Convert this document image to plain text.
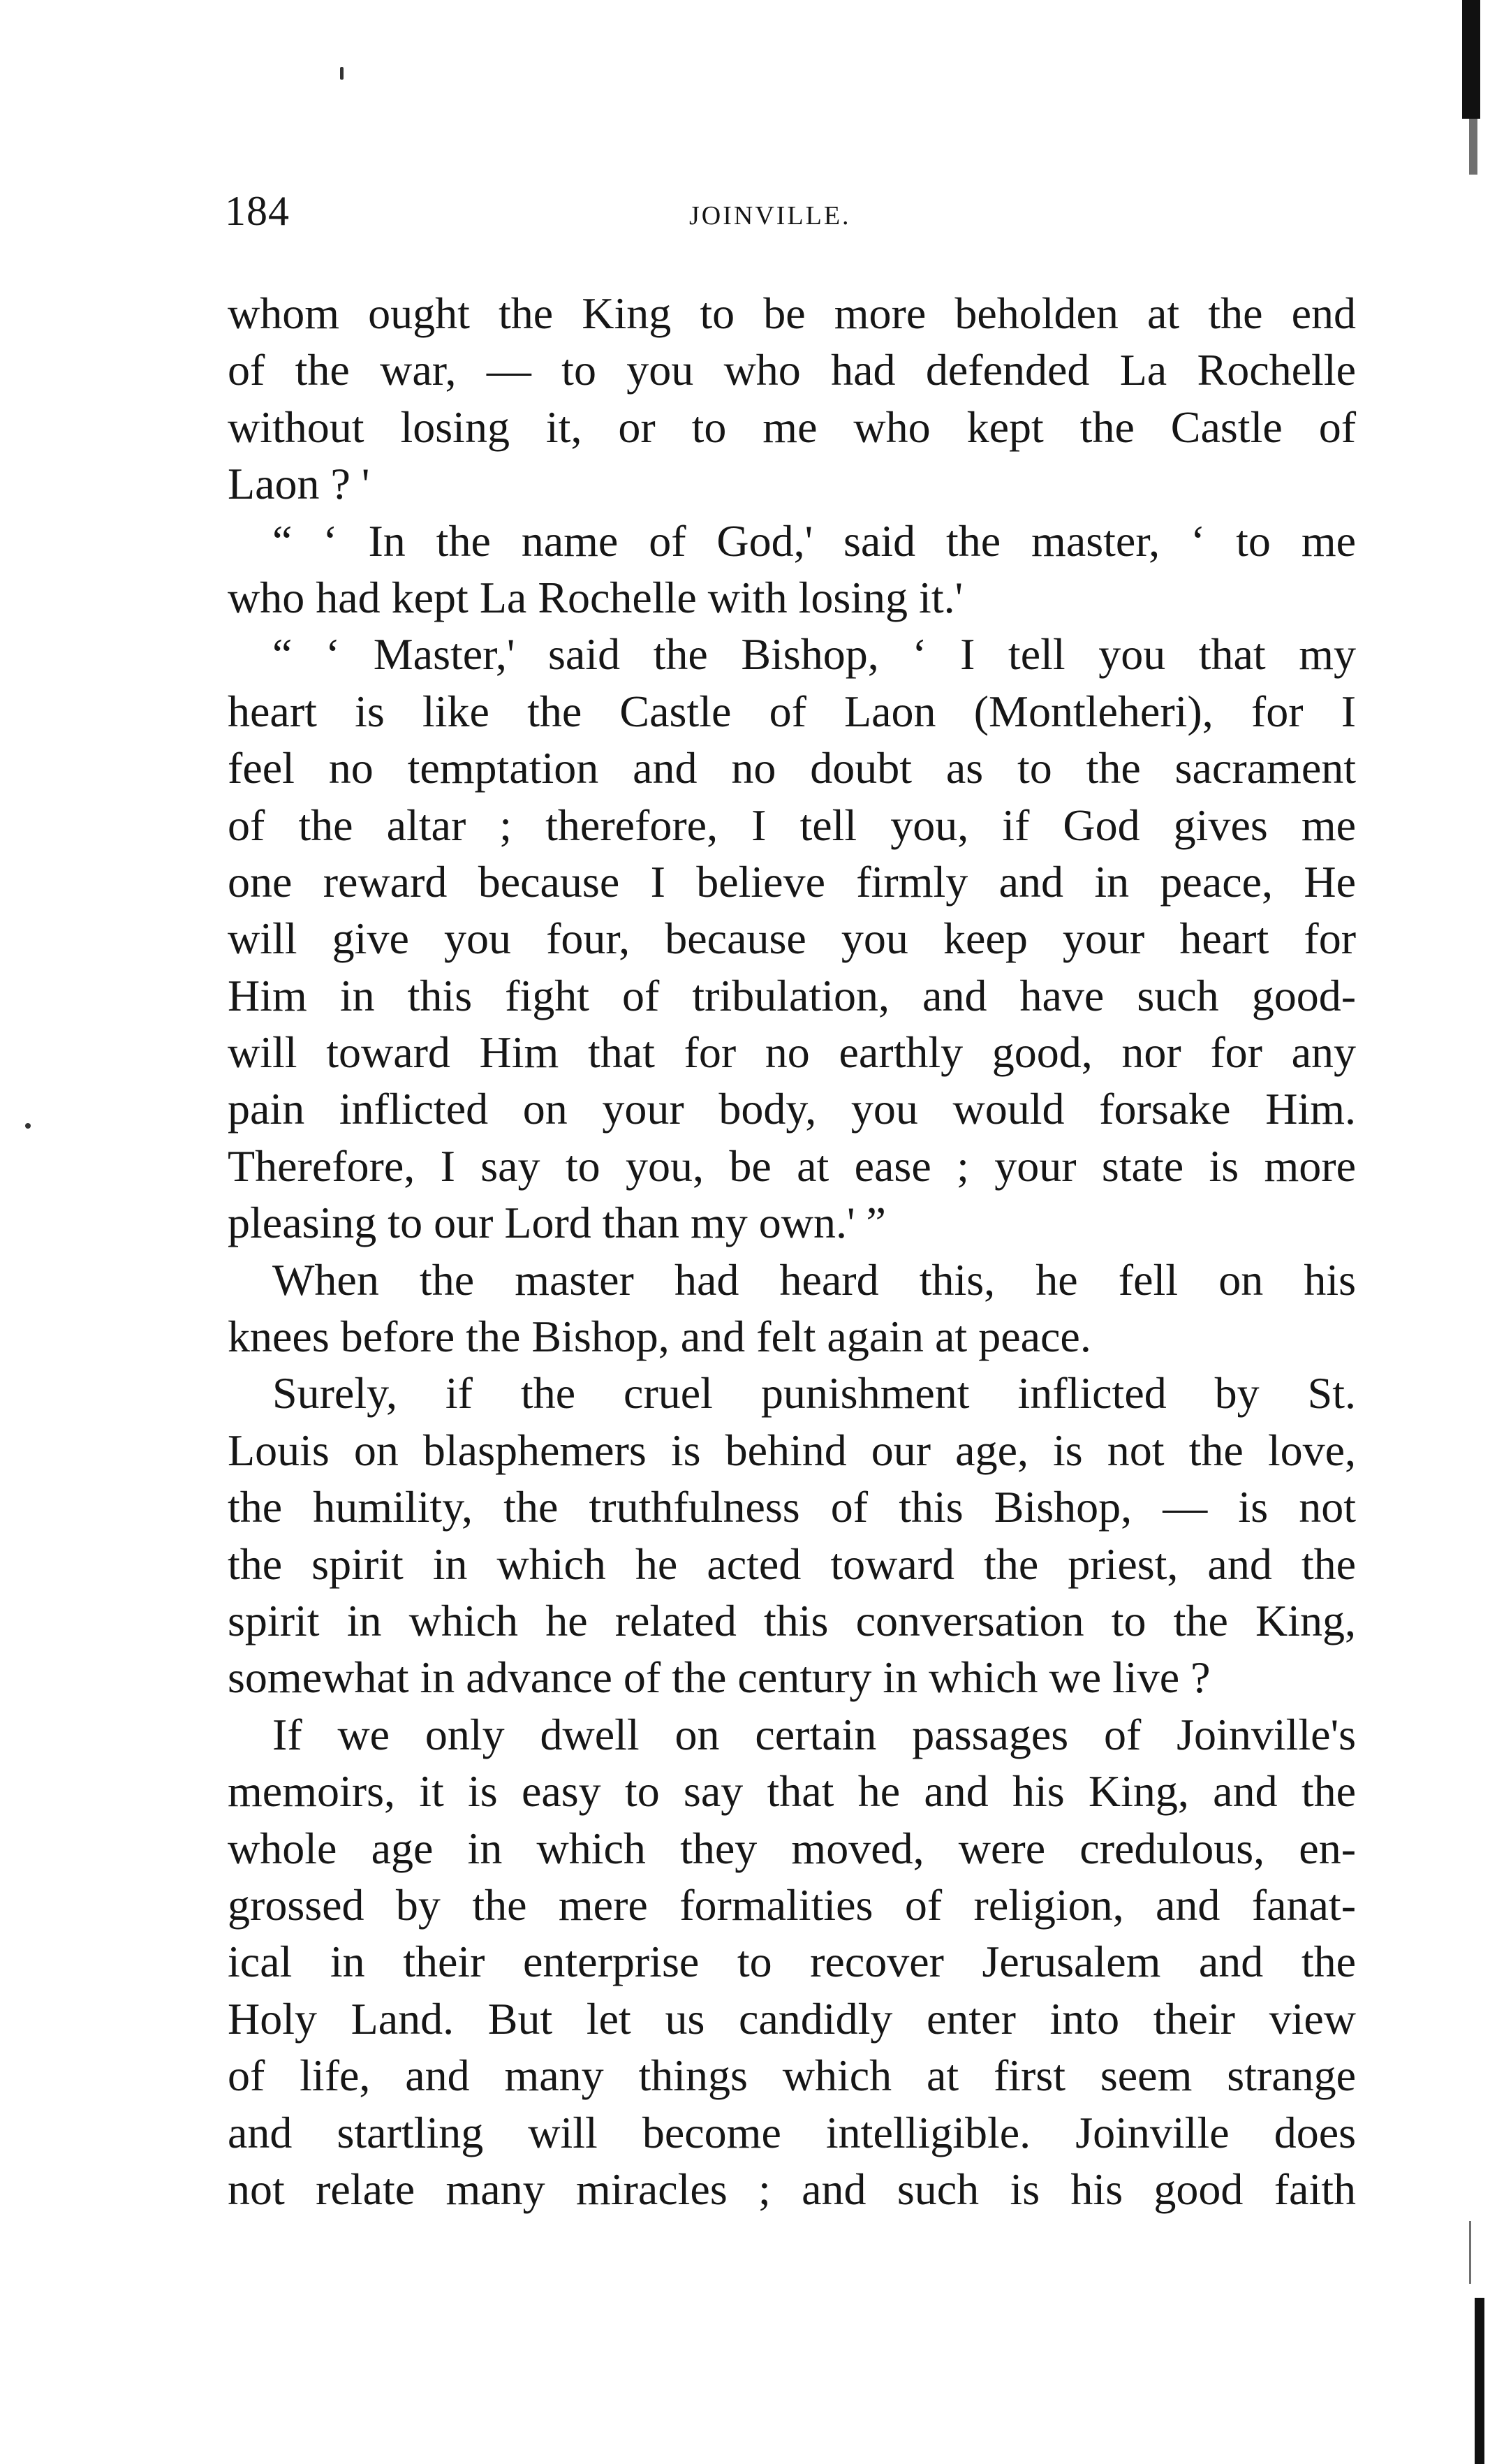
184	JOINVILLE.
whom ought the King to be more beholden at the end
of the war, — to you who had defended La Rochelle
without losing it, or to me who kept the Castle of
Laon ? '
“ ‘ In the name of God,' said the master, ‘ to me
who had kept La Rochelle with losing it.'
“ ‘ Master,' said the Bishop, ‘ I tell you that my
heart is like the Castle of Laon (Montleheri), for I
feel no temptation and no doubt as to the sacrament
of the altar ; therefore, I tell you, if God gives me
one reward because I believe firmly and in peace, He
will give you four, because you keep your heart for
Him in this fight of tribulation, and have such good-
will toward Him that for no earthly good, nor for any
pain inflicted on your body, you would forsake Him.
Therefore, I say to you, be at ease ; your state is more
pleasing to our Lord than my own.' ”
When the master had heard this, he fell on his
knees before the Bishop, and felt again at peace.
Surely, if the cruel punishment inflicted by St.
Louis on blasphemers is behind our age, is not the love,
the humility, the truthfulness of this Bishop, — is not
the spirit in which he acted toward the priest, and the
spirit in which he related this conversation to the King,
somewhat in advance of the century in which we live ?
If we only dwell on certain passages of Joinville's
memoirs, it is easy to say that he and his King, and the
whole age in which they moved, were credulous, en-
grossed by the mere formalities of religion, and fanat-
ical in their enterprise to recover Jerusalem and the
Holy Land. But let us candidly enter into their view
of life, and many things which at first seem strange
and startling will become intelligible. Joinville does
not relate many miracles ; and such is his good faith
